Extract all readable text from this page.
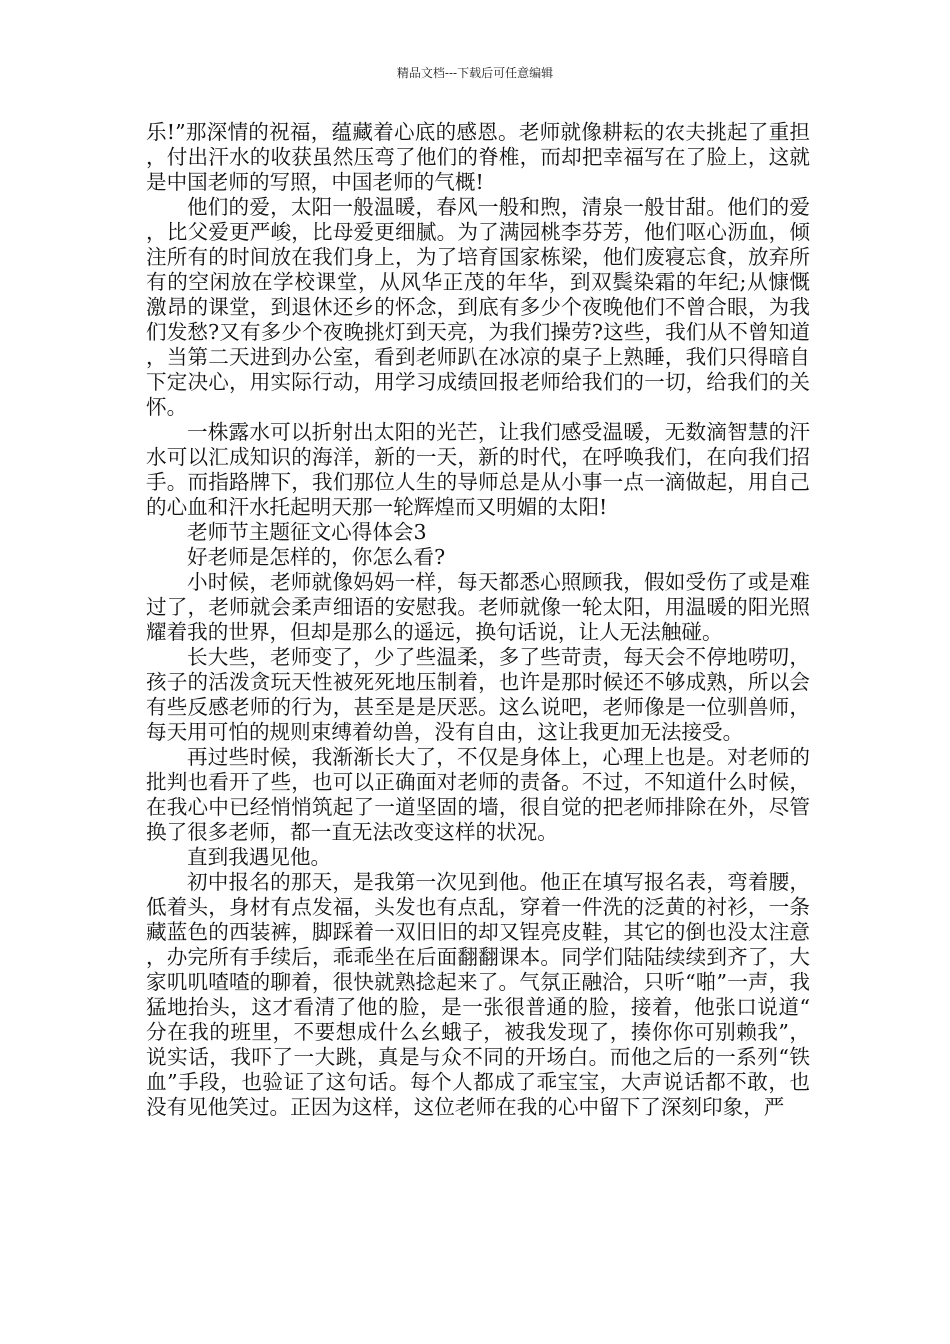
精品文档---下载后可任意编辑

乐!”那深情的祝福，蕴藏着心底的感恩。老师就像耕耘的农夫挑起了重担，付出汗水的收获虽然压弯了他们的脊椎，而却把幸福写在了脸上，这就是中国老师的写照，中国老师的气概!

他们的爱，太阳一般温暖，春风一般和煦，清泉一般甘甜。他们的爱，比父爱更严峻，比母爱更细腻。为了满园桃李芬芳，他们呕心沥血，倾注所有的时间放在我们身上，为了培育国家栋梁，他们废寝忘食，放弃所有的空闲放在学校课堂，从风华正茂的年华，到双鬓染霜的年纪;从慷慨激昂的课堂，到退休还乡的怀念，到底有多少个夜晚他们不曾合眼，为我们发愁?又有多少个夜晚挑灯到天亮，为我们操劳?这些，我们从不曾知道，当第二天进到办公室，看到老师趴在冰凉的桌子上熟睡，我们只得暗自下定决心，用实际行动，用学习成绩回报老师给我们的一切，给我们的关怀。

一株露水可以折射出太阳的光芒，让我们感受温暖，无数滴智慧的汗水可以汇成知识的海洋，新的一天，新的时代，在呼唤我们，在向我们招手。而指路牌下，我们那位人生的导师总是从小事一点一滴做起，用自己的心血和汗水托起明天那一轮辉煌而又明媚的太阳!

老师节主题征文心得体会3

好老师是怎样的，你怎么看?

小时候，老师就像妈妈一样，每天都悉心照顾我，假如受伤了或是难过了，老师就会柔声细语的安慰我。老师就像一轮太阳，用温暖的阳光照耀着我的世界，但却是那么的遥远，换句话说，让人无法触碰。

长大些，老师变了，少了些温柔，多了些苛责，每天会不停地唠叨，孩子的活泼贪玩天性被死死地压制着，也许是那时候还不够成熟，所以会有些反感老师的行为，甚至是是厌恶。这么说吧，老师像是一位驯兽师，每天用可怕的规则束缚着幼兽，没有自由，这让我更加无法接受。

再过些时候，我渐渐长大了，不仅是身体上，心理上也是。对老师的批判也看开了些，也可以正确面对老师的责备。不过，不知道什么时候，在我心中已经悄悄筑起了一道坚固的墙，很自觉的把老师排除在外，尽管换了很多老师，都一直无法改变这样的状况。

直到我遇见他。

初中报名的那天，是我第一次见到他。他正在填写报名表，弯着腰，低着头，身材有点发福，头发也有点乱，穿着一件洗的泛黄的衬衫，一条藏蓝色的西装裤，脚踩着一双旧旧的却又锃亮皮鞋，其它的倒也没太注意，办完所有手续后，乖乖坐在后面翻翻课本。同学们陆陆续续到齐了，大家叽叽喳喳的聊着，很快就熟捻起来了。气氛正融洽，只听“啪”一声，我猛地抬头，这才看清了他的脸，是一张很普通的脸，接着，他张口说道“分在我的班里，不要想成什么幺蛾子，被我发现了，揍你你可别赖我”，说实话，我吓了一大跳，真是与众不同的开场白。而他之后的一系列“铁血”手段，也验证了这句话。每个人都成了乖宝宝，大声说话都不敢，也没有见他笑过。正因为这样，这位老师在我的心中留下了深刻印象，严
